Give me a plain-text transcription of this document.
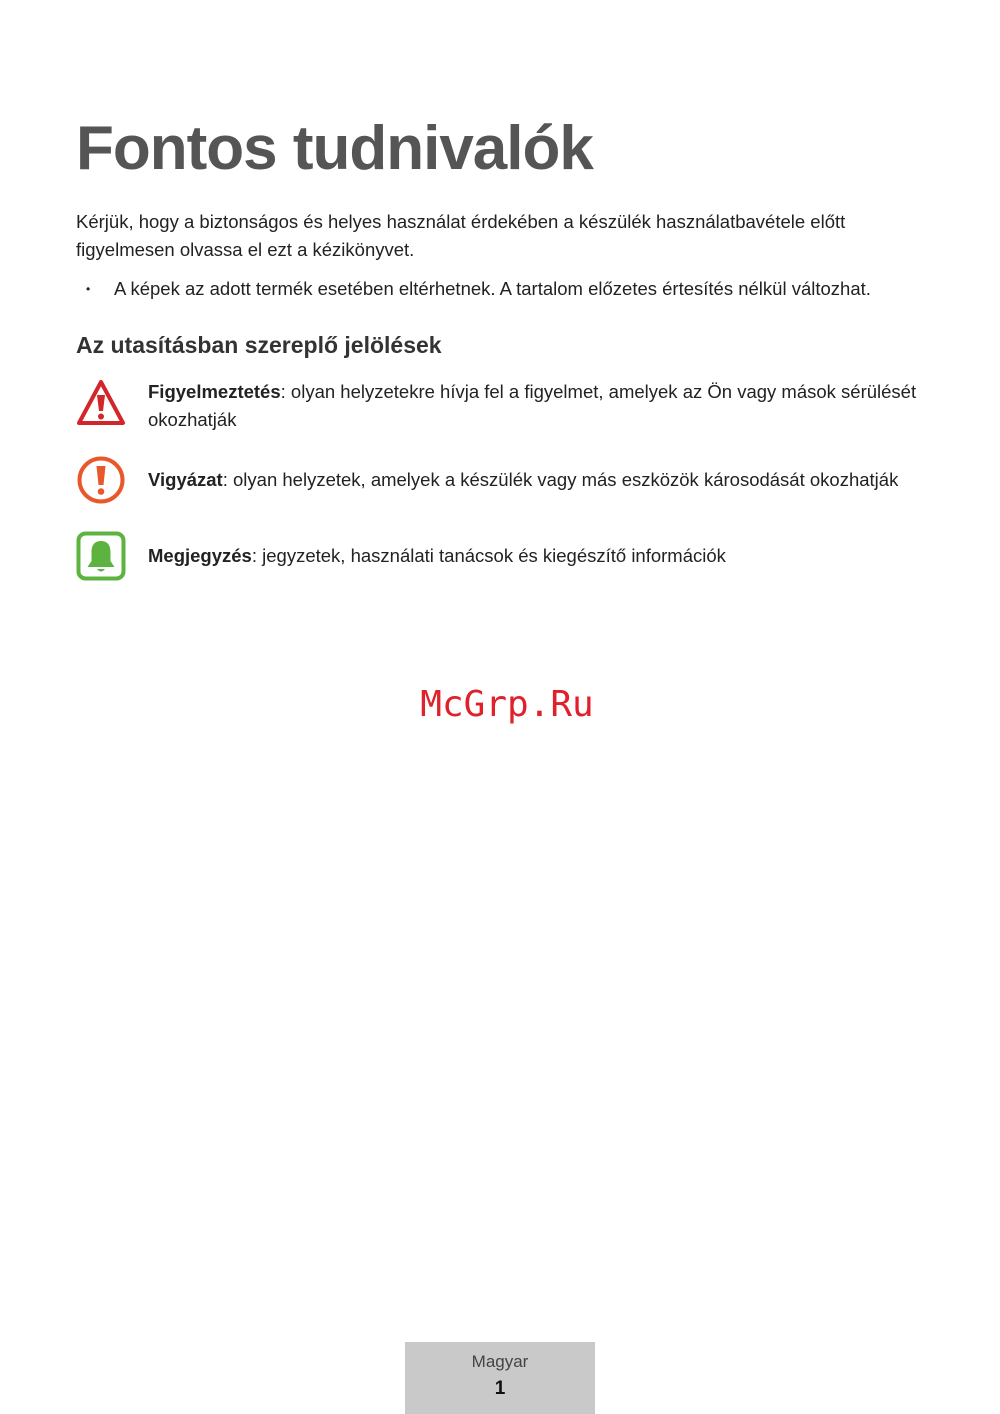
Fontos tudnivalók

Kérjük, hogy a biztonságos és helyes használat érdekében a készülék használatbavétele előtt figyelmesen olvassa el ezt a kézikönyvet.

• A képek az adott termék esetében eltérhetnek. A tartalom előzetes értesítés nélkül változhat.
Az utasításban szereplő jelölések
Figyelmeztetés: olyan helyzetekre hívja fel a figyelmet, amelyek az Ön vagy mások sérülését okozhatják
Vigyázat: olyan helyzetek, amelyek a készülék vagy más eszközök károsodását okozhatják
Megjegyzés: jegyzetek, használati tanácsok és kiegészítő információk
McGrp.Ru
Magyar
1
